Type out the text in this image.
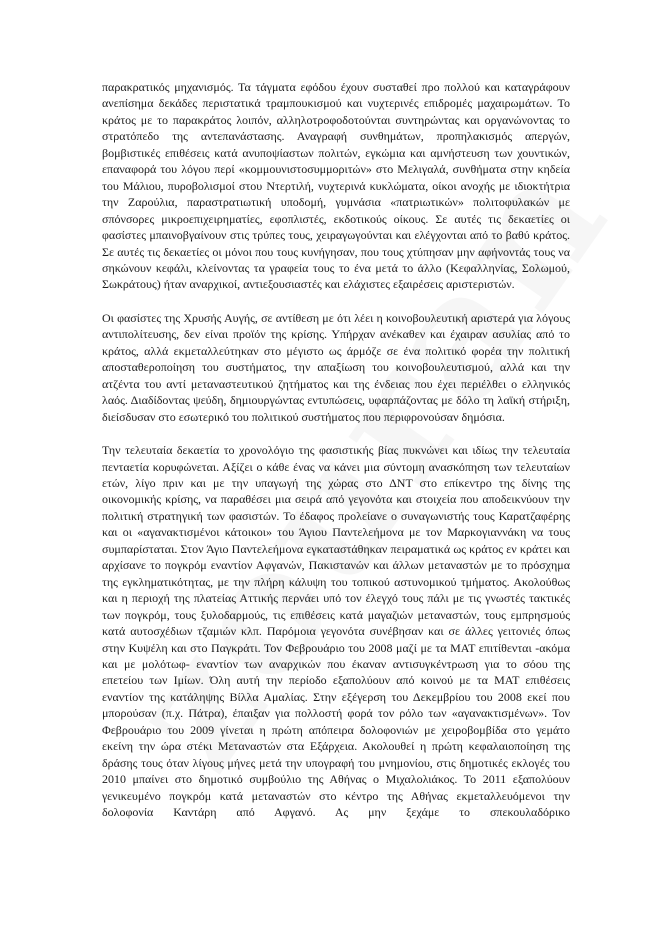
παρακρατικός μηχανισμός. Τα τάγματα εφόδου έχουν συσταθεί προ πολλού και καταγράφουν ανεπίσημα δεκάδες περιστατικά τραμπουκισμού και νυχτερινές επιδρομές μαχαιρωμάτων. Το κράτος με το παρακράτος λοιπόν, αλληλοτροφοδοτούνται συντηρώντας και οργανώνοντας το στρατόπεδο της αντεπανάστασης. Αναγραφή συνθημάτων, προπηλακισμός απεργών, βομβιστικές επιθέσεις κατά ανυποψίαστων πολιτών, εγκώμια και αμνήστευση των χουντικών, επαναφορά του λόγου περί «κομμουνιστοσυμμοριτών» στο Μελιγαλά, συνθήματα στην κηδεία του Μάλιου, πυροβολισμοί στου Ντερτιλή, νυχτερινά κυκλώματα, οίκοι ανοχής με ιδιοκτήτρια την Ζαρούλια, παραστρατιωτική υποδομή, γυμνάσια «πατριωτικών» πολιτοφυλακών με σπόνσορες μικροεπιχειρηματίες, εφοπλιστές, εκδοτικούς οίκους. Σε αυτές τις δεκαετίες οι φασίστες μπαινοβγαίνουν στις τρύπες τους, χειραγωγούνται και ελέγχονται από το βαθύ κράτος. Σε αυτές τις δεκαετίες οι μόνοι που τους κυνήγησαν, που τους χτύπησαν μην αφήνοντάς τους να σηκώνουν κεφάλι, κλείνοντας τα γραφεία τους το ένα μετά το άλλο (Κεφαλληνίας, Σολωμού, Σωκράτους) ήταν αναρχικοί, αντιεξουσιαστές και ελάχιστες εξαιρέσεις αριστεριστών.

Οι φασίστες της Χρυσής Αυγής, σε αντίθεση με ότι λέει η κοινοβουλευτική αριστερά για λόγους αντιπολίτευσης, δεν είναι προϊόν της κρίσης. Υπήρχαν ανέκαθεν και έχαιραν ασυλίας από το κράτος, αλλά εκμεταλλεύτηκαν στο μέγιστο ως άρμόζε σε ένα πολιτικό φορέα την πολιτική αποσταθεροποίηση του συστήματος, την απαξίωση του κοινοβουλευτισμού, αλλά και την ατζέντα του αντί μεταναστευτικού ζητήματος και της ένδειας που έχει περιέλθει ο ελληνικός λαός. Διαδίδοντας ψεύδη, δημιουργώντας εντυπώσεις, υφαρπάζοντας με δόλο τη λαϊκή στήριξη, διείσδυσαν στο εσωτερικό του πολιτικού συστήματος που περιφρονούσαν δημόσια.

Την τελευταία δεκαετία το χρονολόγιο της φασιστικής βίας πυκνώνει και ιδίως την τελευταία πενταετία κορυφώνεται. Αξίζει ο κάθε ένας να κάνει μια σύντομη ανασκόπηση των τελευταίων ετών, λίγο πριν και με την υπαγωγή της χώρας στο ΔΝΤ στο επίκεντρο της δίνης της οικονομικής κρίσης, να παραθέσει μια σειρά από γεγονότα και στοιχεία που αποδεικνύουν την πολιτική στρατηγική των φασιστών. Το έδαφος προλείανε ο συναγωνιστής τους Καρατζαφέρης και οι «αγανακτισμένοι κάτοικοι» του Άγιου Παντελεήμονα με τον Μαρκογιαννάκη να τους συμπαρίσταται. Στον Άγιο Παντελεήμονα εγκαταστάθηκαν πειραματικά ως κράτος εν κράτει και αρχίσανε το πογκρόμ εναντίον Αφγανών, Πακιστανών και άλλων μεταναστών με το πρόσχημα της εγκληματικότητας, με την πλήρη κάλυψη του τοπικού αστυνομικού τμήματος. Ακολούθως και η περιοχή της πλατείας Αττικής περνάει υπό τον έλεγχό τους πάλι με τις γνωστές τακτικές των πογκρόμ, τους ξυλοδαρμούς, τις επιθέσεις κατά μαγαζιών μεταναστών, τους εμπρησμούς κατά αυτοσχέδιων τζαμιών κλπ. Παρόμοια γεγονότα συνέβησαν και σε άλλες γειτονιές όπως στην Κυψέλη και στο Παγκράτι. Τον Φεβρουάριο του 2008 μαζί με τα ΜΑΤ επιτίθενται -ακόμα και με μολότωφ- εναντίον των αναρχικών που έκαναν αντισυγκέντρωση για το σόου της επετείου των Ιμίων. Όλη αυτή την περίοδο εξαπολύουν από κοινού με τα ΜΑΤ επιθέσεις εναντίον της κατάληψης Βίλλα Αμαλίας. Στην εξέγερση του Δεκεμβρίου του 2008 εκεί που μπορούσαν (π.χ. Πάτρα), έπαιξαν για πολλοστή φορά τον ρόλο των «αγανακτισμένων». Τον Φεβρουάριο του 2009 γίνεται η πρώτη απόπειρα δολοφονιών με χειροβομβίδα στο γεμάτο εκείνη την ώρα στέκι Μεταναστών στα Εξάρχεια. Ακολουθεί η πρώτη κεφαλαιοποίηση της δράσης τους όταν λίγους μήνες μετά την υπογραφή του μνημονίου, στις δημοτικές εκλογές του 2010 μπαίνει στο δημοτικό συμβούλιο της Αθήνας ο Μιχαλολιάκος. Το 2011 εξαπολύουν γενικευμένο πογκρόμ κατά μεταναστών στο κέντρο της Αθήνας εκμεταλλευόμενοι την δολοφονία Καντάρη από Αφγανό. Ας μην ξεχάμε το σπεκουλαδόρικο
